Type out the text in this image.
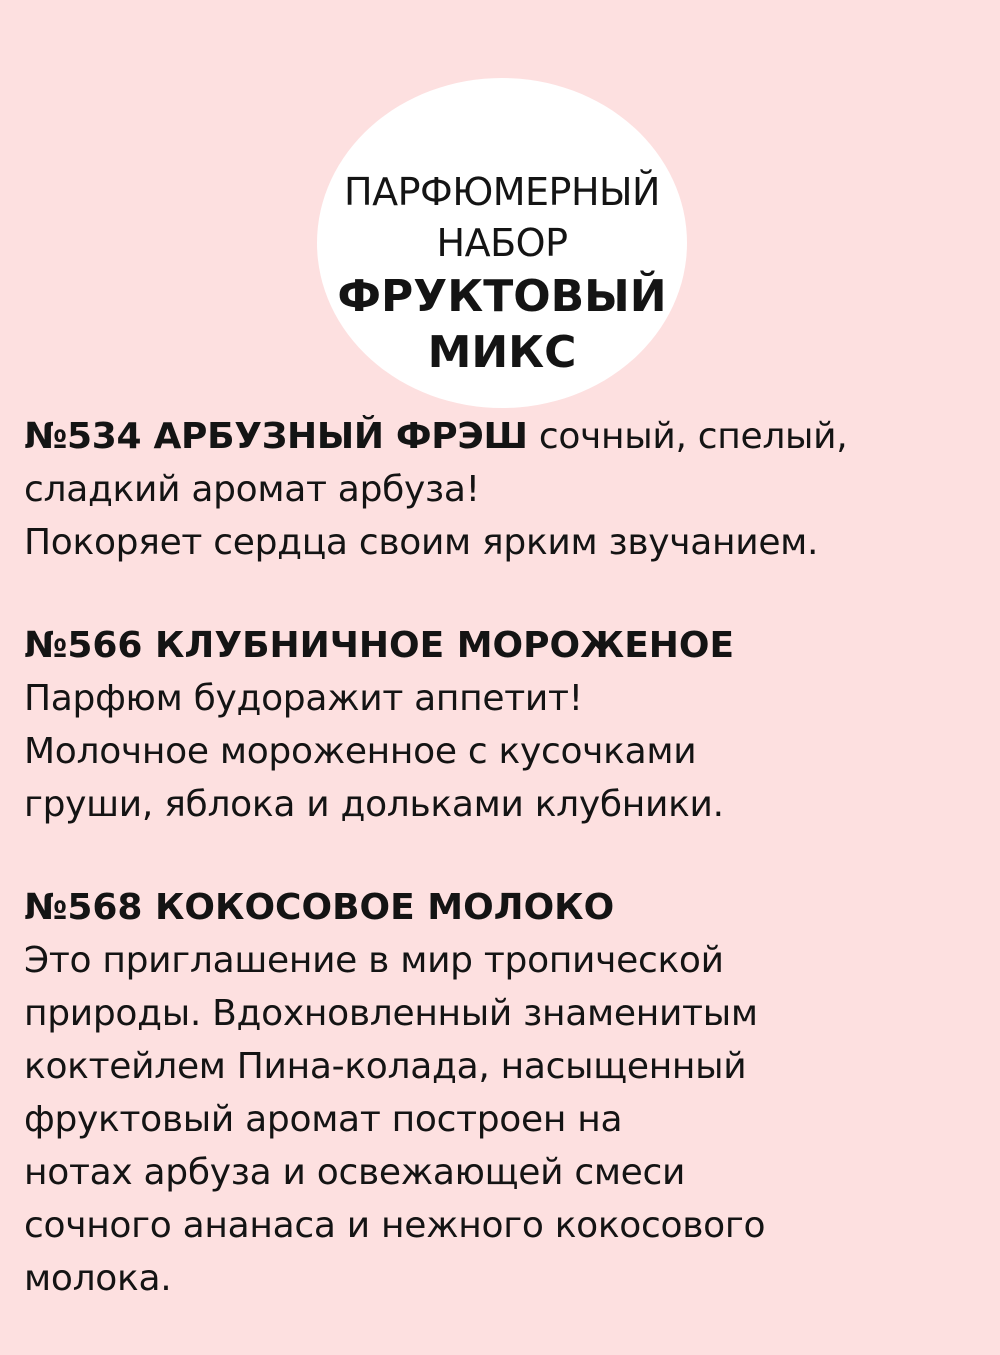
ПАРФЮМЕРНЫЙ
НАБОР
ФРУКТОВЫЙ
МИКС
№534 АРБУЗНЫЙ ФРЭШ сочный, спелый,
сладкий аромат арбуза!
Покоряет сердца своим ярким звучанием.
№566 КЛУБНИЧНОЕ МОРОЖЕНОЕ
Парфюм будоражит аппетит!
Молочное мороженное с кусочками
груши, яблока и дольками клубники.
№568 КОКОСОВОЕ МОЛОКО
Это приглашение в мир тропической
природы. Вдохновленный знаменитым
коктейлем Пина-колада, насыщенный
фруктовый аромат построен на
нотах арбуза и освежающей смеси
сочного ананаса и нежного кокосового
молока.
